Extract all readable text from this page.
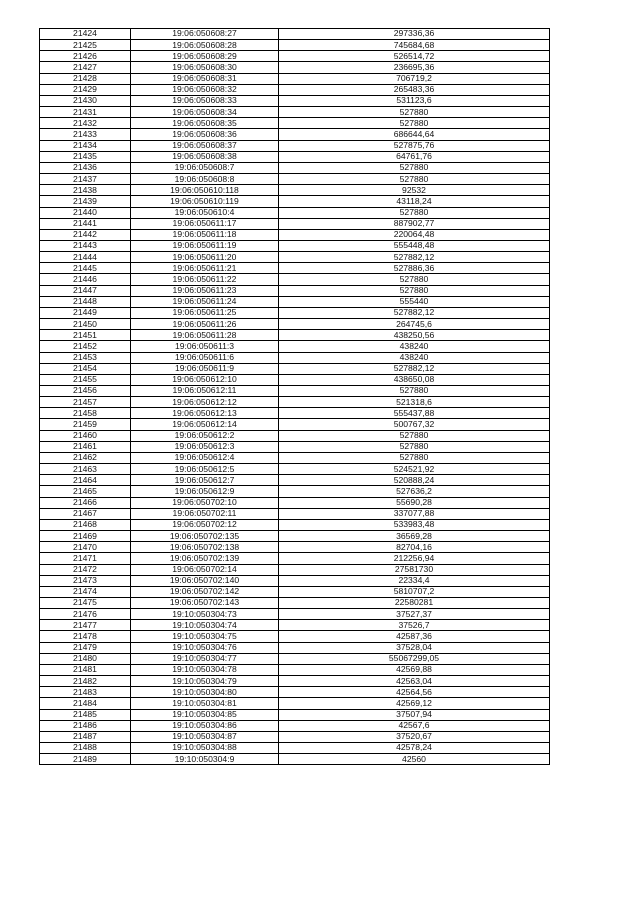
21424	19:06:050608:27	297336,36
21425	19:06:050608:28	745684,68
21426	19:06:050608:29	526514,72
21427	19:06:050608:30	236695,36
21428	19:06:050608:31	706719,2
21429	19:06:050608:32	265483,36
21430	19:06:050608:33	531123,6
21431	19:06:050608:34	527880
21432	19:06:050608:35	527880
21433	19:06:050608:36	686644,64
21434	19:06:050608:37	527875,76
21435	19:06:050608:38	64761,76
21436	19:06:050608:7	527880
21437	19:06:050608:8	527880
21438	19:06:050610:118	92532
21439	19:06:050610:119	43118,24
21440	19:06:050610:4	527880
21441	19:06:050611:17	887902,77
21442	19:06:050611:18	220064,48
21443	19:06:050611:19	555448,48
21444	19:06:050611:20	527882,12
21445	19:06:050611:21	527886,36
21446	19:06:050611:22	527880
21447	19:06:050611:23	527880
21448	19:06:050611:24	555440
21449	19:06:050611:25	527882,12
21450	19:06:050611:26	264745,6
21451	19:06:050611:28	438250,56
21452	19:06:050611:3	438240
21453	19:06:050611:6	438240
21454	19:06:050611:9	527882,12
21455	19:06:050612:10	438650,08
21456	19:06:050612:11	527880
21457	19:06:050612:12	521318,6
21458	19:06:050612:13	555437,88
21459	19:06:050612:14	500767,32
21460	19:06:050612:2	527880
21461	19:06:050612:3	527880
21462	19:06:050612:4	527880
21463	19:06:050612:5	524521,92
21464	19:06:050612:7	520888,24
21465	19:06:050612:9	527636,2
21466	19:06:050702:10	55690,28
21467	19:06:050702:11	337077,88
21468	19:06:050702:12	533983,48
21469	19:06:050702:135	36569,28
21470	19:06:050702:138	82704,16
21471	19:06:050702:139	212256,94
21472	19:06:050702:14	27581730
21473	19:06:050702:140	22334,4
21474	19:06:050702:142	5810707,2
21475	19:06:050702:143	22580281
21476	19:10:050304:73	37527,37
21477	19:10:050304:74	37526,7
21478	19:10:050304:75	42587,36
21479	19:10:050304:76	37528,04
21480	19:10:050304:77	55067299,05
21481	19:10:050304:78	42569,88
21482	19:10:050304:79	42563,04
21483	19:10:050304:80	42564,56
21484	19:10:050304:81	42569,12
21485	19:10:050304:85	37507,94
21486	19:10:050304:86	42567,6
21487	19:10:050304:87	37520,67
21488	19:10:050304:88	42578,24
21489	19:10:050304:9	42560
